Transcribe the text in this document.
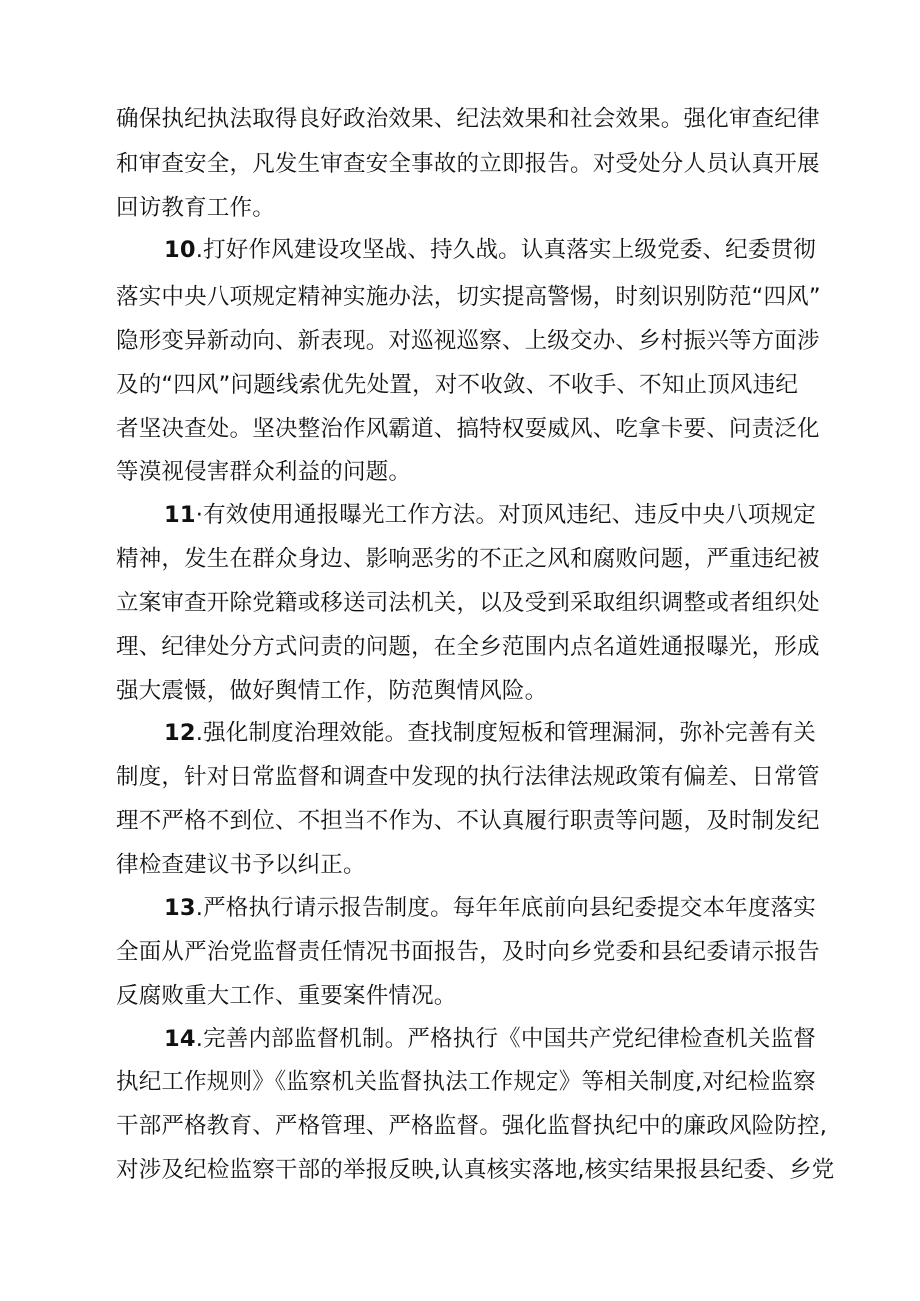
确保执纪执法取得良好政治效果、纪法效果和社会效果。强化审查纪律
和审查安全，凡发生审查安全事故的立即报告。对受处分人员认真开展
回访教育工作。
10.打好作风建设攻坚战、持久战。认真落实上级党委、纪委贯彻
落实中央八项规定精神实施办法，切实提高警惕，时刻识别防范“四风”
隐形变异新动向、新表现。对巡视巡察、上级交办、乡村振兴等方面涉
及的“四风”问题线索优先处置，对不收敛、不收手、不知止顶风违纪
者坚决查处。坚决整治作风霸道、搞特权耍威风、吃拿卡要、问责泛化
等漠视侵害群众利益的问题。
11·有效使用通报曝光工作方法。对顶风违纪、违反中央八项规定
精神，发生在群众身边、影响恶劣的不正之风和腐败问题，严重违纪被
立案审查开除党籍或移送司法机关，以及受到采取组织调整或者组织处
理、纪律处分方式问责的问题，在全乡范围内点名道姓通报曝光，形成
强大震慑，做好舆情工作，防范舆情风险。
12.强化制度治理效能。查找制度短板和管理漏洞，弥补完善有关
制度，针对日常监督和调查中发现的执行法律法规政策有偏差、日常管
理不严格不到位、不担当不作为、不认真履行职责等问题，及时制发纪
律检查建议书予以纠正。
13.严格执行请示报告制度。每年年底前向县纪委提交本年度落实
全面从严治党监督责任情况书面报告，及时向乡党委和县纪委请示报告
反腐败重大工作、重要案件情况。
14.完善内部监督机制。严格执行《中国共产党纪律检查机关监督
执纪工作规则》《监察机关监督执法工作规定》等相关制度,对纪检监察
干部严格教育、严格管理、严格监督。强化监督执纪中的廉政风险防控,
对涉及纪检监察干部的举报反映,认真核实落地,核实结果报县纪委、乡党
